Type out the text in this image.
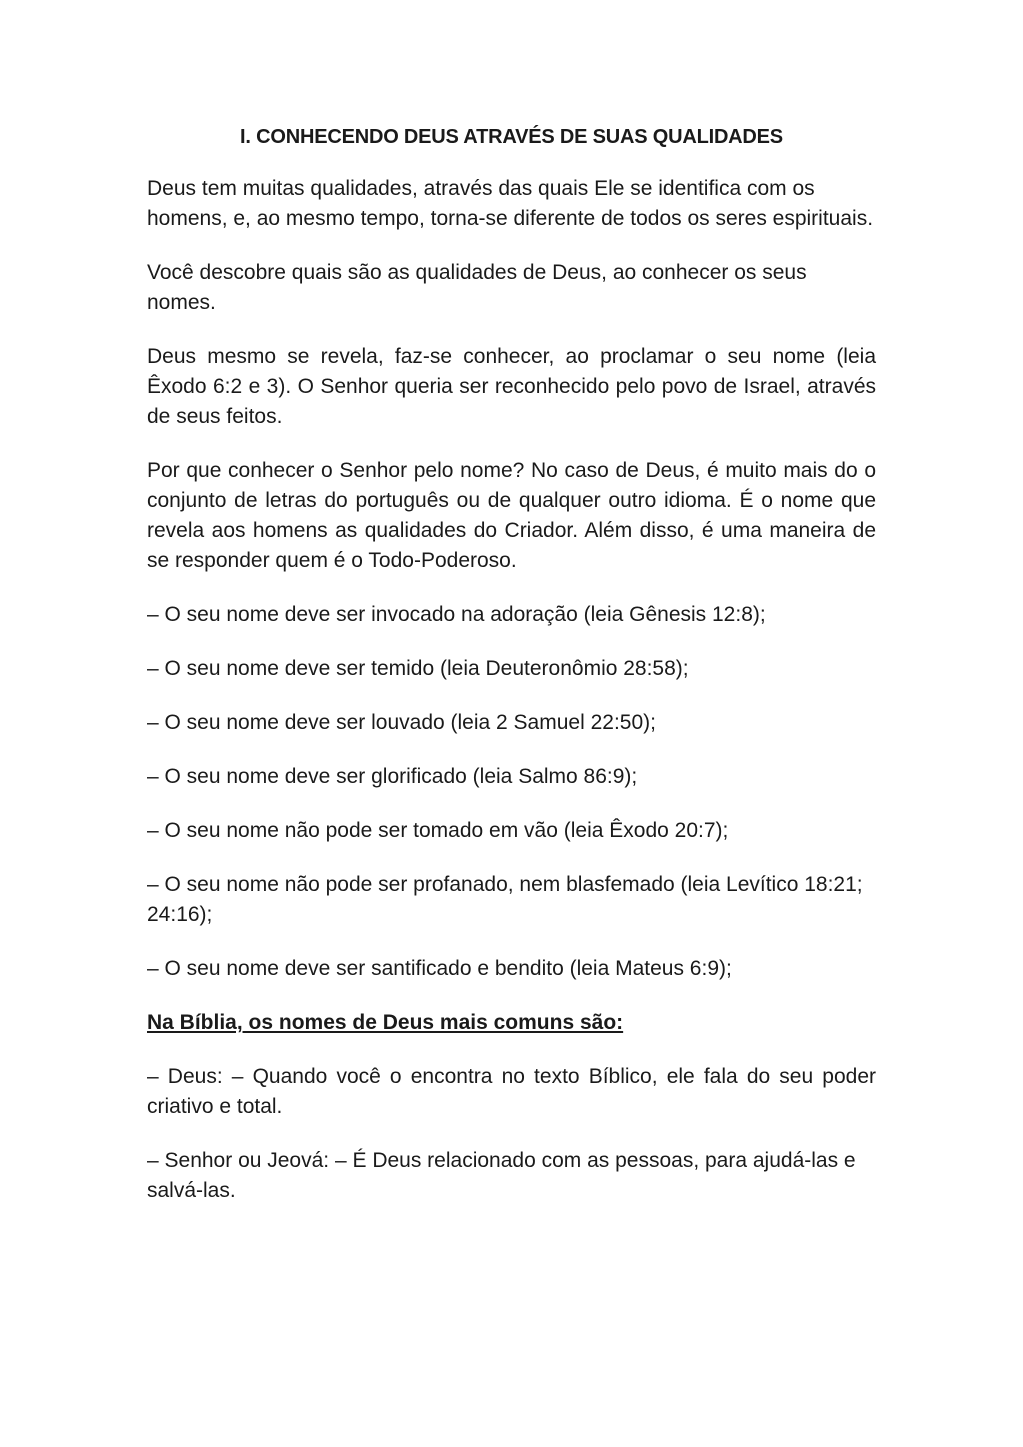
I. CONHECENDO DEUS ATRAVÉS DE SUAS QUALIDADES

Deus tem muitas qualidades, através das quais Ele se identifica com os homens, e, ao mesmo tempo, torna-se diferente de todos os seres espirituais.

Você descobre quais são as qualidades de Deus, ao conhecer os seus nomes.

Deus mesmo se revela, faz-se conhecer, ao proclamar o seu nome (leia Êxodo 6:2 e 3). O Senhor queria ser reconhecido pelo povo de Israel, através de seus feitos.

Por que conhecer o Senhor pelo nome? No caso de Deus, é muito mais do o conjunto de letras do português ou de qualquer outro idioma. É o nome que revela aos homens as qualidades do Criador. Além disso, é uma maneira de se responder quem é o Todo-Poderoso.

– O seu nome deve ser invocado na adoração (leia Gênesis 12:8);

– O seu nome deve ser temido (leia Deuteronômio 28:58);

– O seu nome deve ser louvado (leia 2 Samuel 22:50);

– O seu nome deve ser glorificado (leia Salmo 86:9);

– O seu nome não pode ser tomado em vão (leia Êxodo 20:7);

– O seu nome não pode ser profanado, nem blasfemado (leia Levítico 18:21; 24:16);

– O seu nome deve ser santificado e bendito (leia Mateus 6:9);

Na Bíblia, os nomes de Deus mais comuns são:

– Deus: – Quando você o encontra no texto Bíblico, ele fala do seu poder criativo e total.

– Senhor ou Jeová: – É Deus relacionado com as pessoas, para ajudá-las e salvá-las.
